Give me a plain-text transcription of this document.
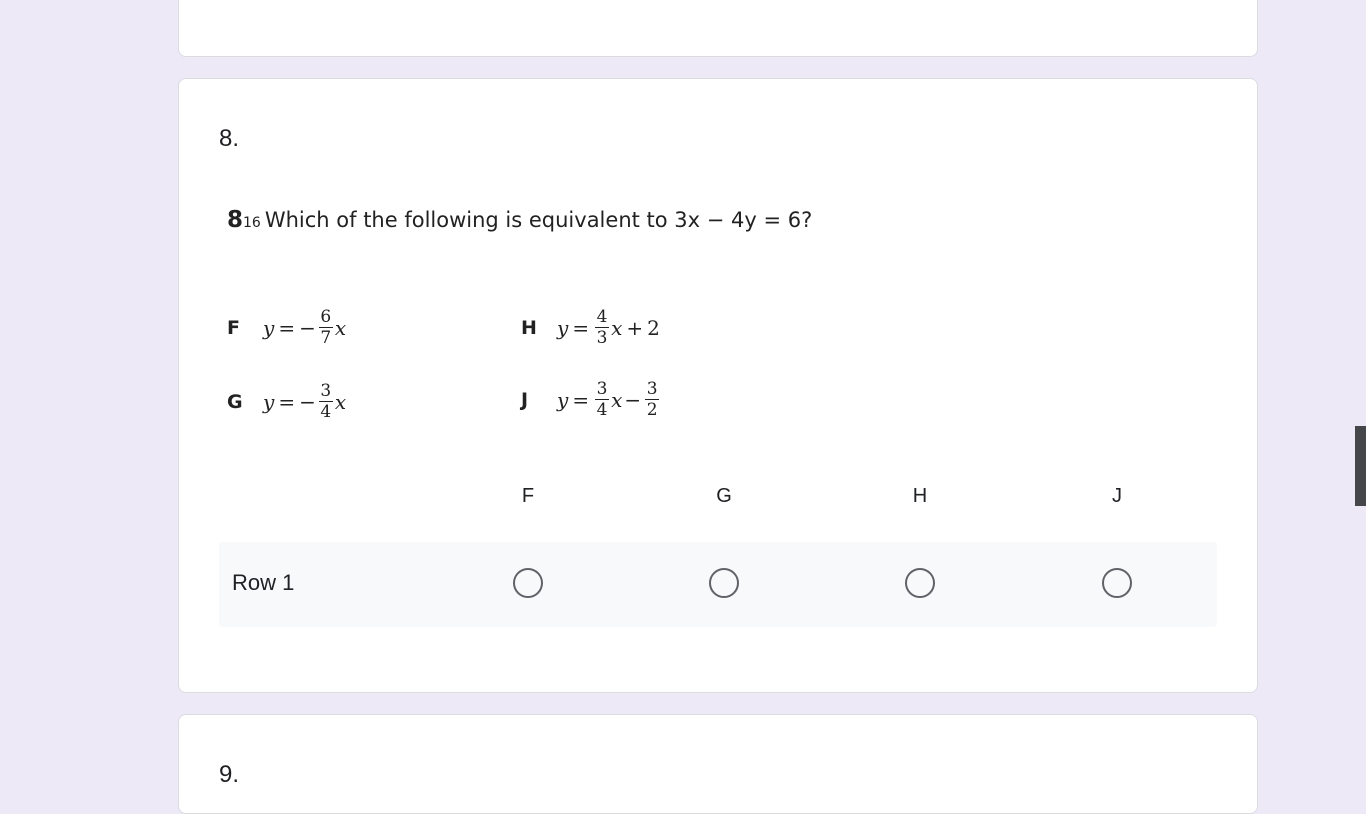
8.
816 Which of the following is equivalent to 3x − 4y = 6?
F	y = − $\frac{6}{7}$ x
G	y = − $\frac{3}{4}$ x
H	$y = \frac{4}{3}$ x + 2
J	$y = \frac{3}{4}$ $x - \frac{3}{2}$
F	G	H	J
Row 1
9.
